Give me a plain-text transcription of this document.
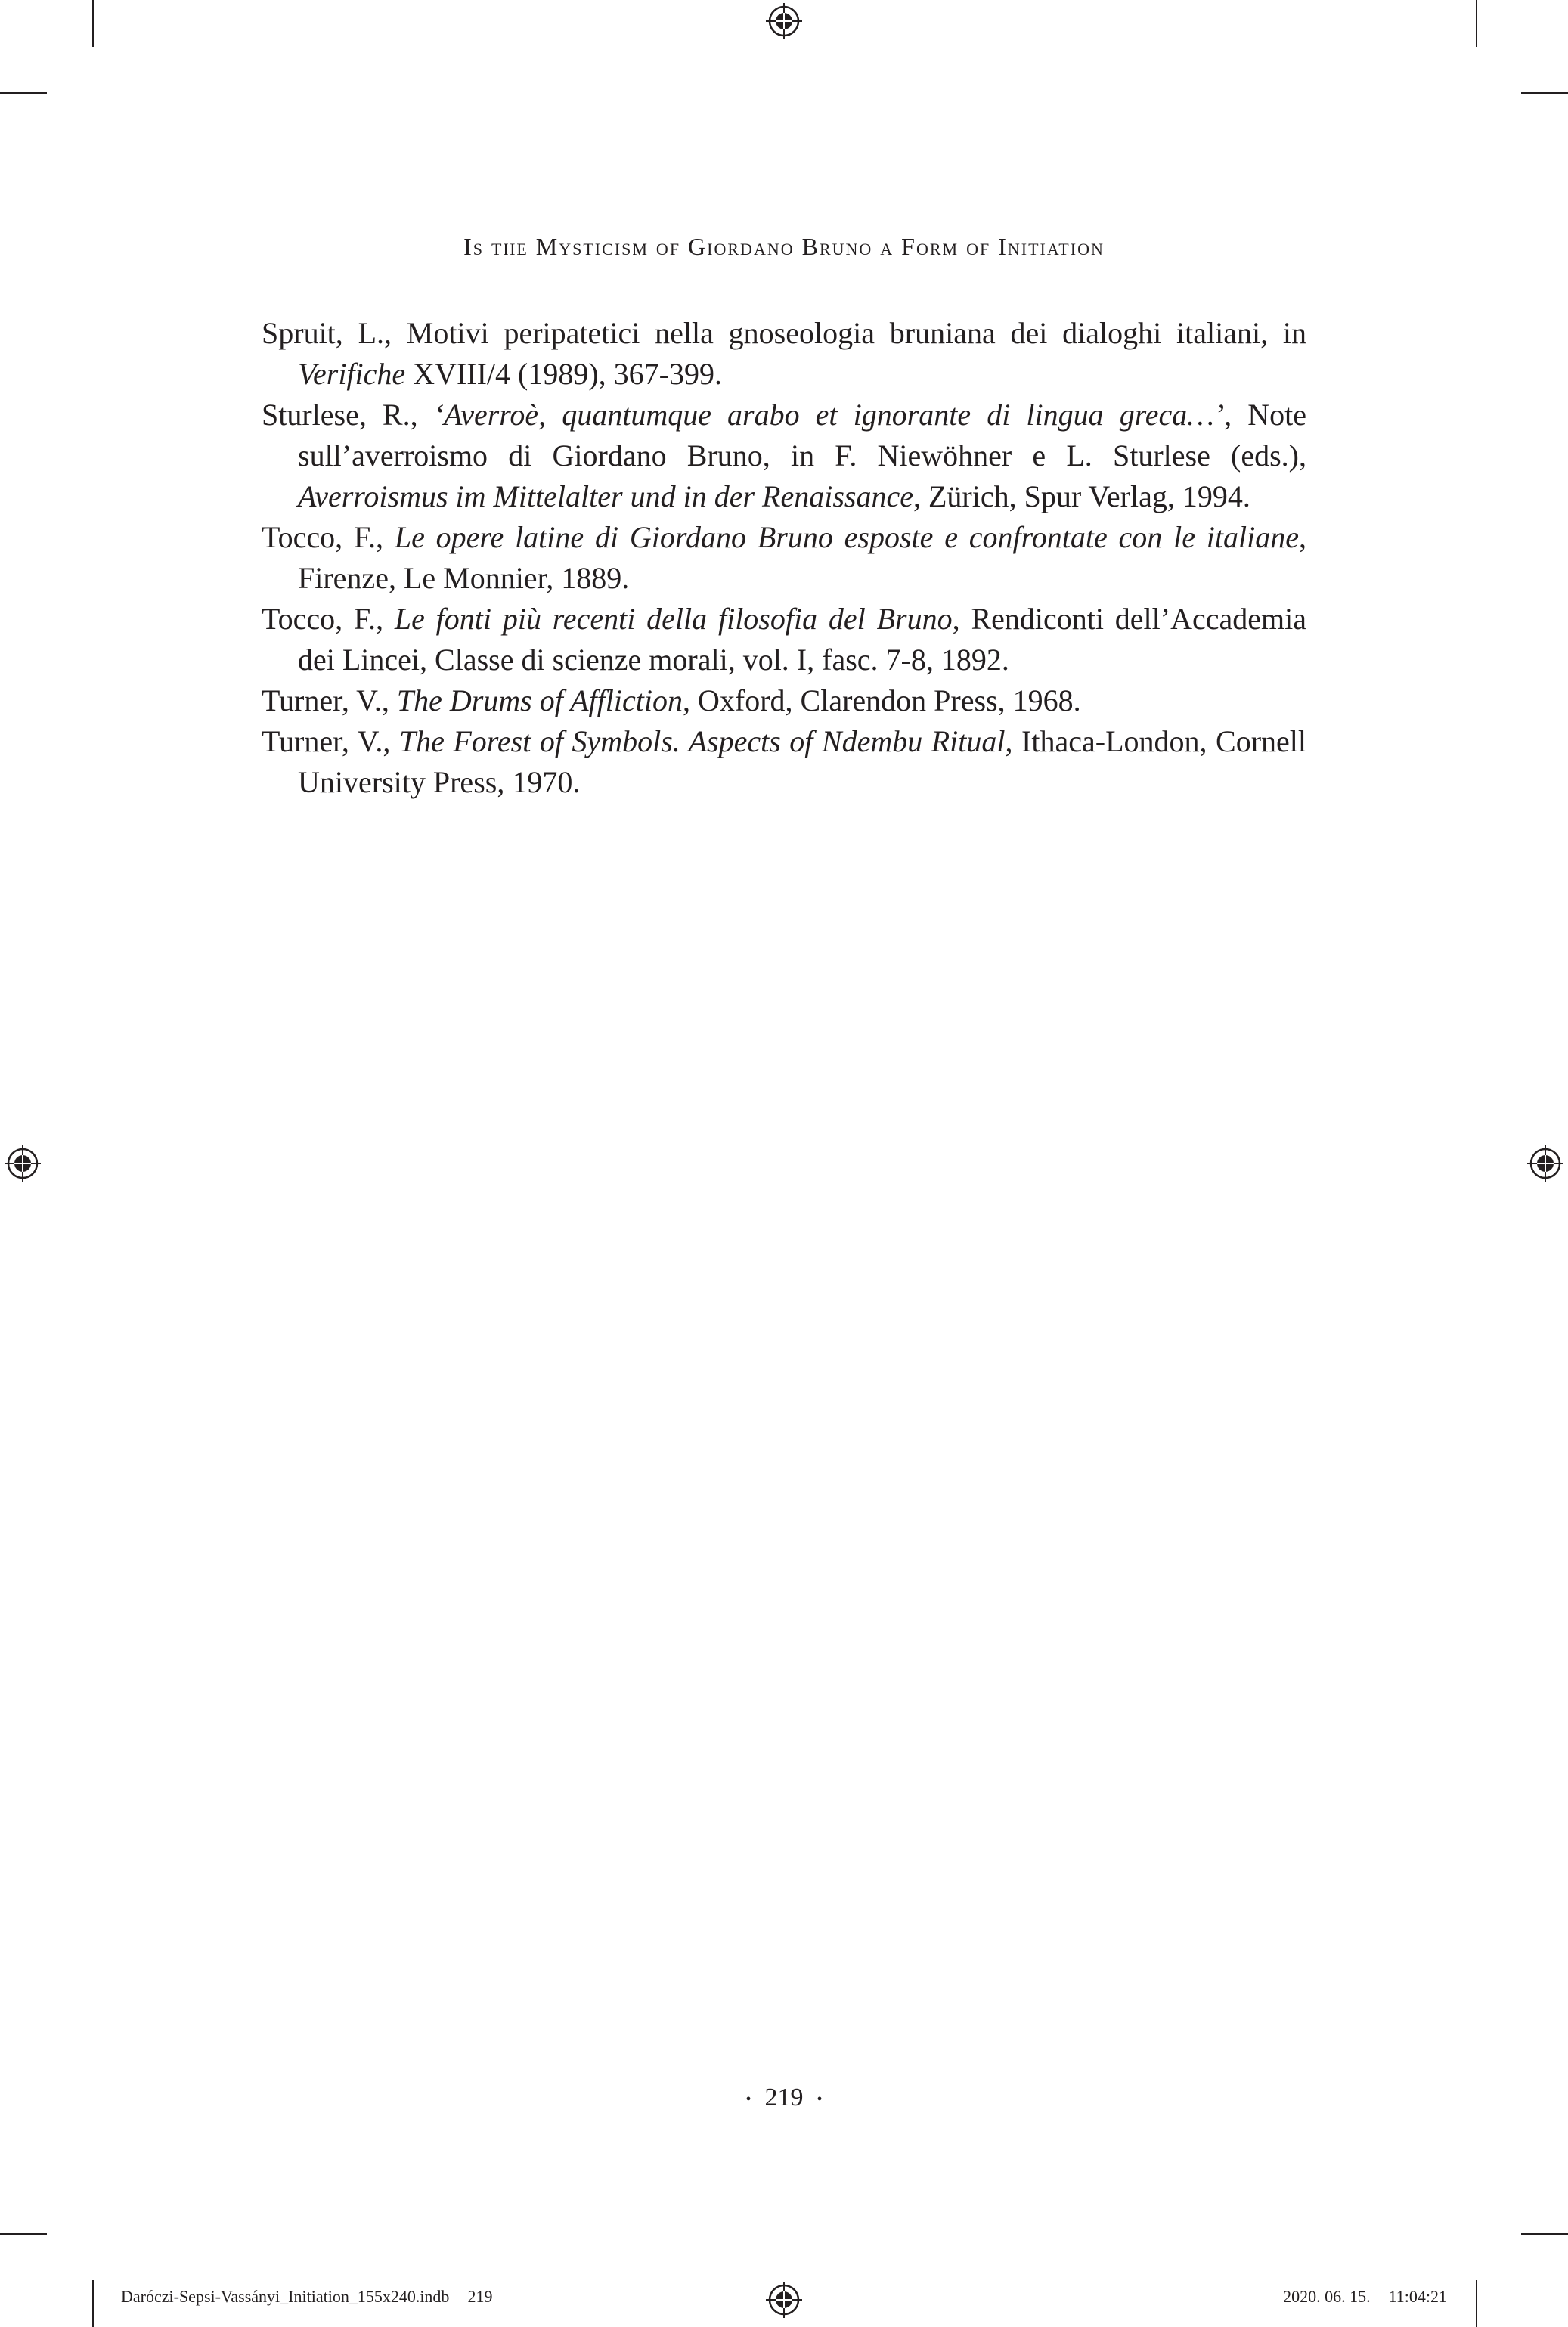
Is the Mysticism of Giordano Bruno a Form of Initiation
Spruit, L., Motivi peripatetici nella gnoseologia bruniana dei dialoghi italiani, in Verifiche XVIII/4 (1989), 367-399.
Sturlese, R., ‘Averroè, quantumque arabo et ignorante di lingua greca…’, Note sull’averroismo di Giordano Bruno, in F. Niewöhner e L. Sturlese (eds.), Averroismus im Mittelalter und in der Renaissance, Zürich, Spur Verlag, 1994.
Tocco, F., Le opere latine di Giordano Bruno esposte e confrontate con le italiane, Firenze, Le Monnier, 1889.
Tocco, F., Le fonti più recenti della filosofia del Bruno, Rendiconti dell’Accademia dei Lincei, Classe di scienze morali, vol. I, fasc. 7-8, 1892.
Turner, V., The Drums of Affliction, Oxford, Clarendon Press, 1968.
Turner, V., The Forest of Symbols. Aspects of Ndembu Ritual, Ithaca-London, Cornell University Press, 1970.
• 219 •
Daróczi-Sepsi-Vassányi_Initiation_155x240.indb 219	2020. 06. 15. 11:04:21
